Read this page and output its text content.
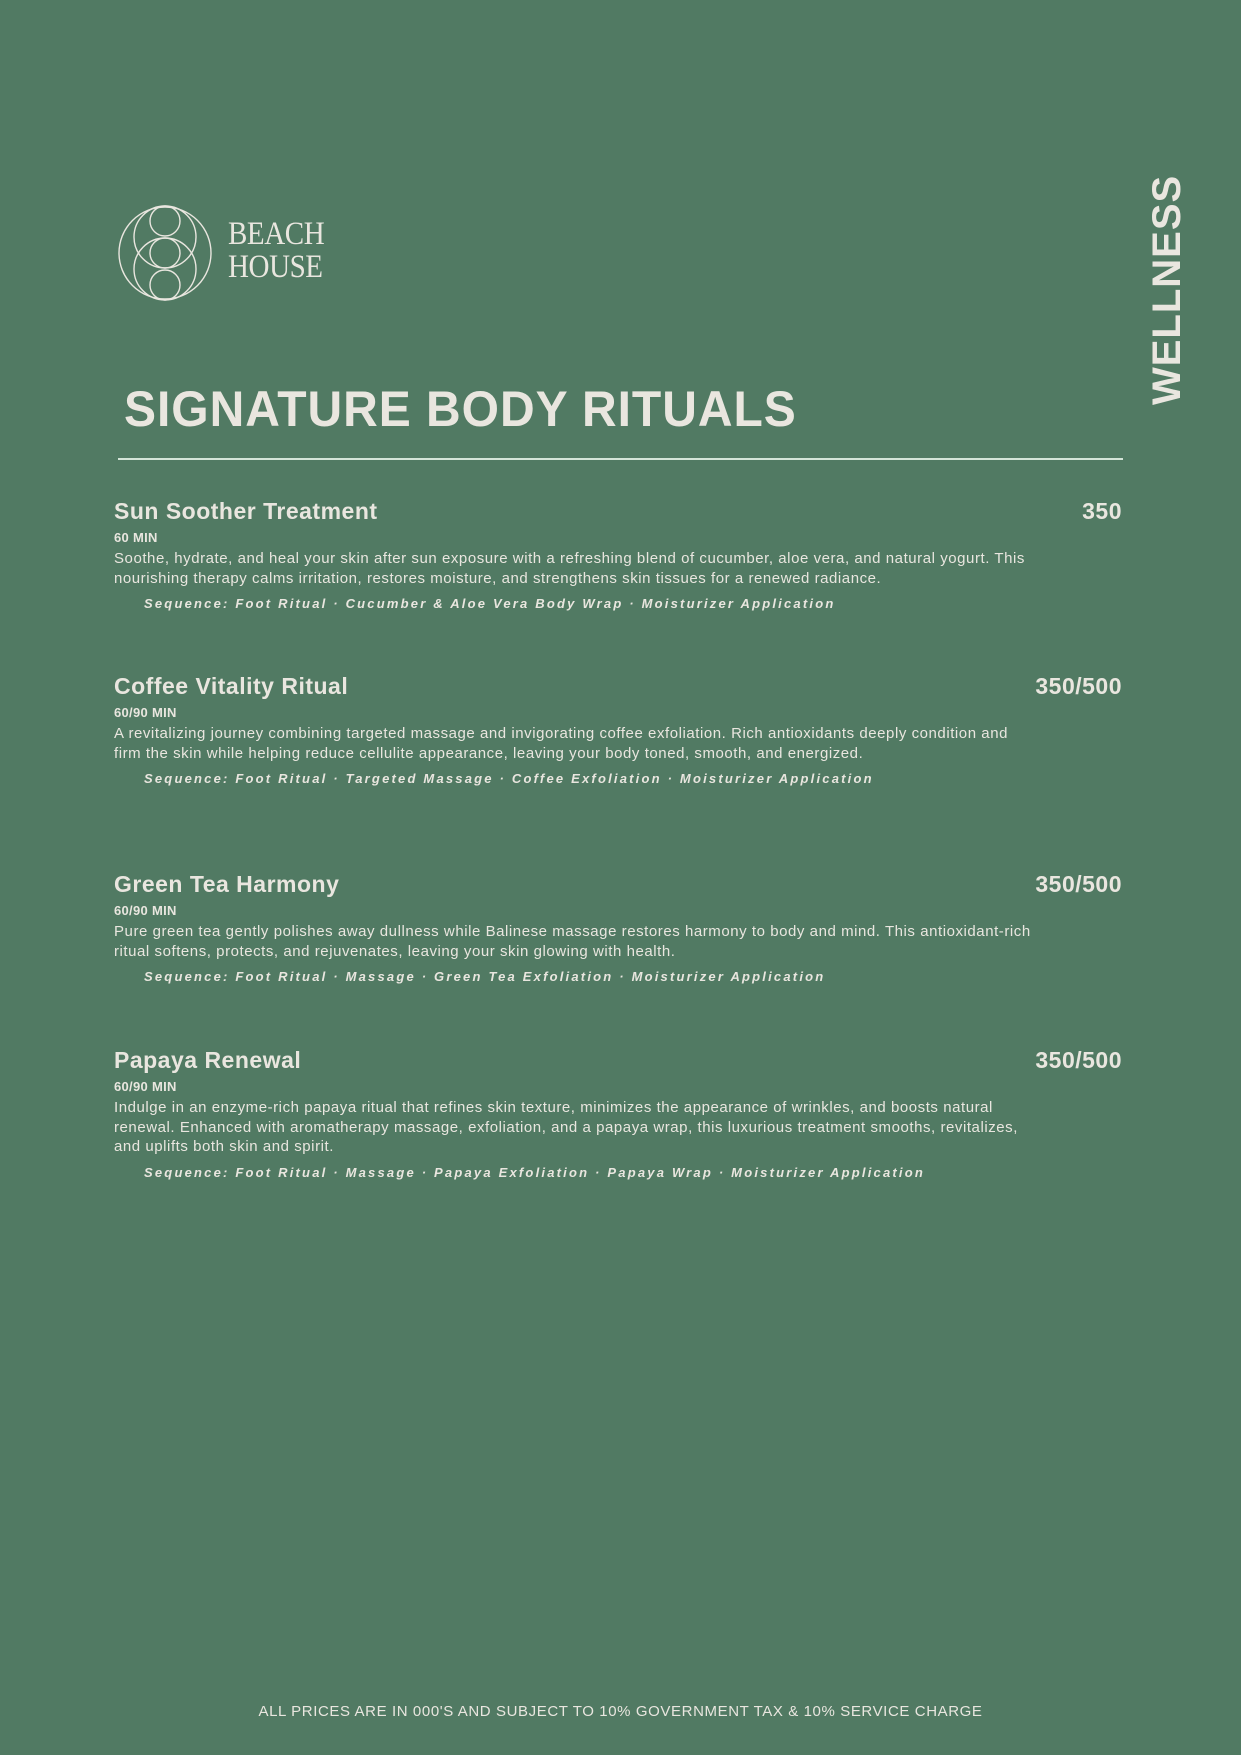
BEACH
HOUSE	WELLNESS
SIGNATURE BODY RITUALS
Sun Soother Treatment	350
60 MIN
Soothe, hydrate, and heal your skin after sun exposure with a refreshing blend of cucumber, aloe vera, and natural yogurt. This nourishing therapy calms irritation, restores moisture, and strengthens skin tissues for a renewed radiance.
Sequence: Foot Ritual · Cucumber & Aloe Vera Body Wrap · Moisturizer Application
Coffee Vitality Ritual	350/500
60/90 MIN
A revitalizing journey combining targeted massage and invigorating coffee exfoliation. Rich antioxidants deeply condition and firm the skin while helping reduce cellulite appearance, leaving your body toned, smooth, and energized.
Sequence: Foot Ritual · Targeted Massage · Coffee Exfoliation · Moisturizer Application
Green Tea Harmony	350/500
60/90 MIN
Pure green tea gently polishes away dullness while Balinese massage restores harmony to body and mind. This antioxidant-rich ritual softens, protects, and rejuvenates, leaving your skin glowing with health.
Sequence: Foot Ritual · Massage · Green Tea Exfoliation · Moisturizer Application
Papaya Renewal	350/500
60/90 MIN
Indulge in an enzyme-rich papaya ritual that refines skin texture, minimizes the appearance of wrinkles, and boosts natural renewal. Enhanced with aromatherapy massage, exfoliation, and a papaya wrap, this luxurious treatment smooths, revitalizes, and uplifts both skin and spirit.
Sequence: Foot Ritual · Massage · Papaya Exfoliation · Papaya Wrap · Moisturizer Application
ALL PRICES ARE IN 000'S AND SUBJECT TO 10% GOVERNMENT TAX & 10% SERVICE CHARGE
